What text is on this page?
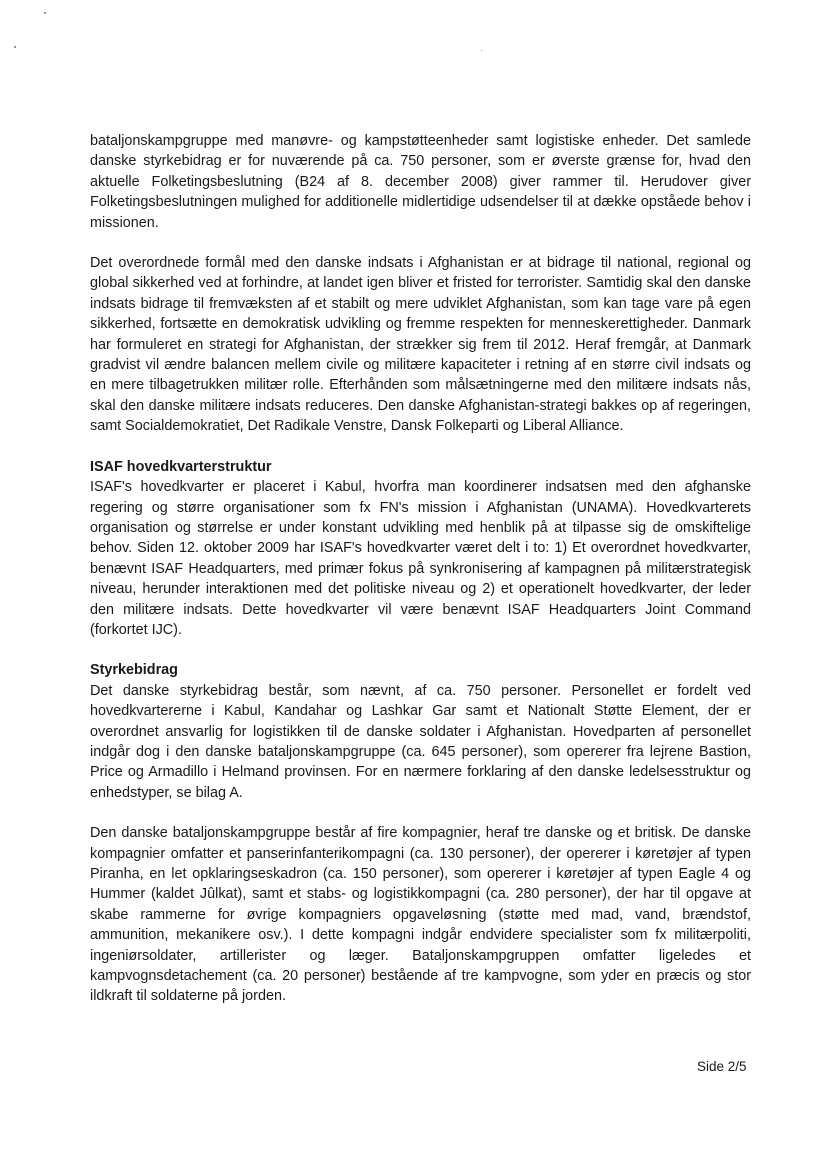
bataljonskampgruppe med manøvre- og kampstøtteenheder samt logistiske enheder. Det samlede danske styrkebidrag er for nuværende på ca. 750 personer, som er øverste grænse for, hvad den aktuelle Folketingsbeslutning (B24 af 8. december 2008) giver rammer til. Herudover giver Folketingsbeslutningen mulighed for additionelle midlertidige udsendelser til at dække opståede behov i missionen.

Det overordnede formål med den danske indsats i Afghanistan er at bidrage til national, regional og global sikkerhed ved at forhindre, at landet igen bliver et fristed for terrorister. Samtidig skal den danske indsats bidrage til fremvæksten af et stabilt og mere udviklet Afghanistan, som kan tage vare på egen sikkerhed, fortsætte en demokratisk udvikling og fremme respekten for menneskerettigheder. Danmark har formuleret en strategi for Afghanistan, der strækker sig frem til 2012. Heraf fremgår, at Danmark gradvist vil ændre balancen mellem civile og militære kapaciteter i retning af en større civil indsats og en mere tilbagetrukken militær rolle. Efterhånden som målsætningerne med den militære indsats nås, skal den danske militære indsats reduceres. Den danske Afghanistan-strategi bakkes op af regeringen, samt Socialdemokratiet, Det Radikale Venstre, Dansk Folkeparti og Liberal Alliance.

ISAF hovedkvarterstruktur

ISAF's hovedkvarter er placeret i Kabul, hvorfra man koordinerer indsatsen med den afghanske regering og større organisationer som fx FN's mission i Afghanistan (UNAMA). Hovedkvarterets organisation og størrelse er under konstant udvikling med henblik på at tilpasse sig de omskiftelige behov. Siden 12. oktober 2009 har ISAF's hovedkvarter været delt i to: 1) Et overordnet hovedkvarter, benævnt ISAF Headquarters, med primær fokus på synkronisering af kampagnen på militærstrategisk niveau, herunder interaktionen med det politiske niveau og 2) et operationelt hovedkvarter, der leder den militære indsats. Dette hovedkvarter vil være benævnt ISAF Headquarters Joint Command (forkortet IJC).

Styrkebidrag

Det danske styrkebidrag består, som nævnt, af ca. 750 personer. Personellet er fordelt ved hovedkvartererne i Kabul, Kandahar og Lashkar Gar samt et Nationalt Støtte Element, der er overordnet ansvarlig for logistikken til de danske soldater i Afghanistan. Hovedparten af personellet indgår dog i den danske bataljonskampgruppe (ca. 645 personer), som opererer fra lejrene Bastion, Price og Armadillo i Helmand provinsen. For en nærmere forklaring af den danske ledelsesstruktur og enhedstyper, se bilag A.

Den danske bataljonskampgruppe består af fire kompagnier, heraf tre danske og et britisk. De danske kompagnier omfatter et panserinfanterikompagni (ca. 130 personer), der opererer i køretøjer af typen Piranha, en let opklaringseskadron (ca. 150 personer), som opererer i køretøjer af typen Eagle 4 og Hummer (kaldet Jûlkat), samt et stabs- og logistikkompagni (ca. 280 personer), der har til opgave at skabe rammerne for øvrige kompagniers opgaveløsning (støtte med mad, vand, brændstof, ammunition, mekanikere osv.). I dette kompagni indgår endvidere specialister som fx militærpoliti, ingeniørsoldater, artillerister og læger. Bataljonskampgruppen omfatter ligeledes et kampvognsdetachement (ca. 20 personer) bestående af tre kampvogne, som yder en præcis og stor ildkraft til soldaterne på jorden.

Side 2/5
